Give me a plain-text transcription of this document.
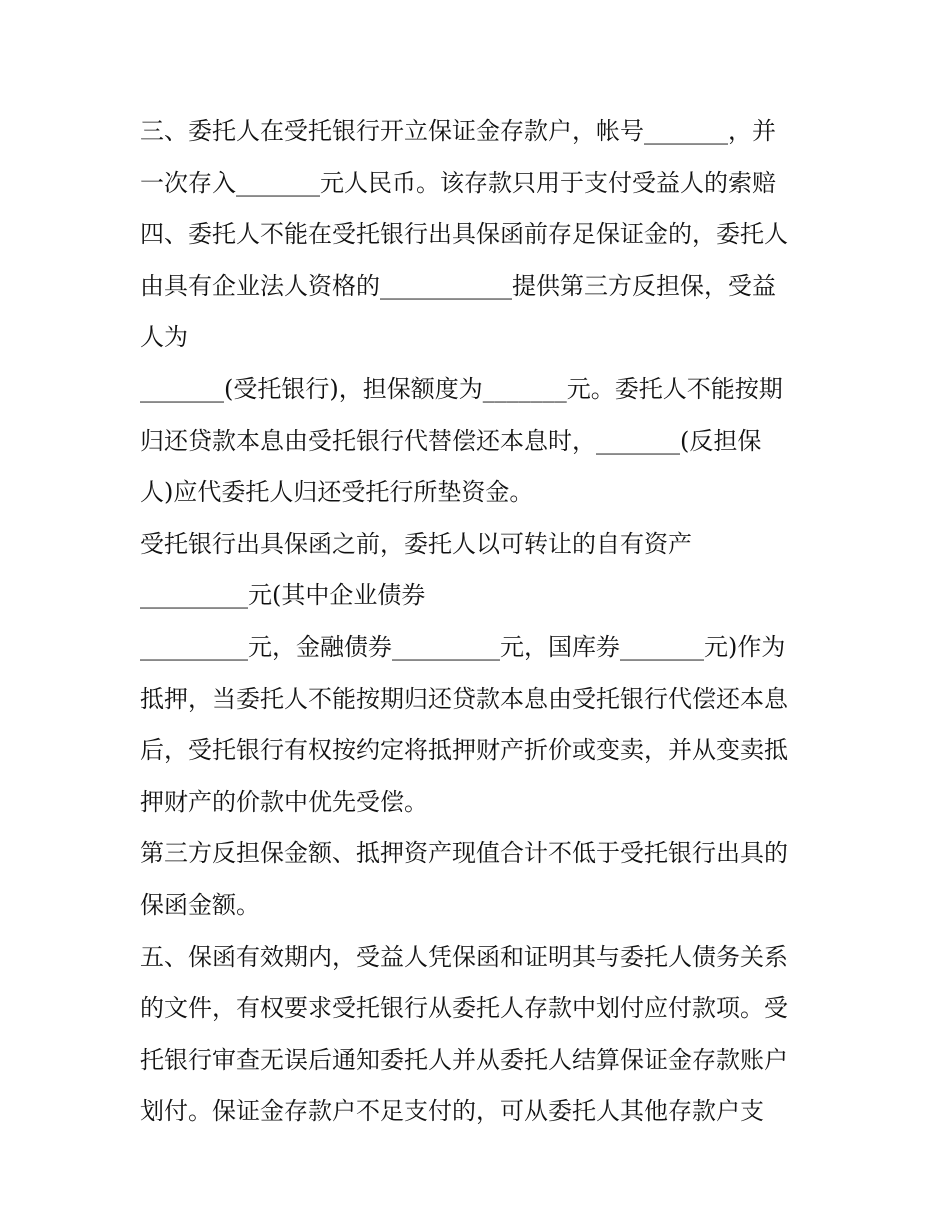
三、委托人在受托银行开立保证金存款户，帐号_______，并
一次存入_______元人民币。该存款只用于支付受益人的索赔
四、委托人不能在受托银行出具保函前存足保证金的，委托人
由具有企业法人资格的___________提供第三方反担保，受益
人为
_______(受托银行)，担保额度为_______元。委托人不能按期
归还贷款本息由受托银行代替偿还本息时，_______(反担保
人)应代委托人归还受托行所垫资金。
受托银行出具保函之前，委托人以可转让的自有资产
_________元(其中企业债券
_________元，金融债券_________元，国库券_______元)作为
抵押，当委托人不能按期归还贷款本息由受托银行代偿还本息
后，受托银行有权按约定将抵押财产折价或变卖，并从变卖抵
押财产的价款中优先受偿。
第三方反担保金额、抵押资产现值合计不低于受托银行出具的
保函金额。
五、保函有效期内，受益人凭保函和证明其与委托人债务关系
的文件，有权要求受托银行从委托人存款中划付应付款项。受
托银行审查无误后通知委托人并从委托人结算保证金存款账户
划付。保证金存款户不足支付的，可从委托人其他存款户支
